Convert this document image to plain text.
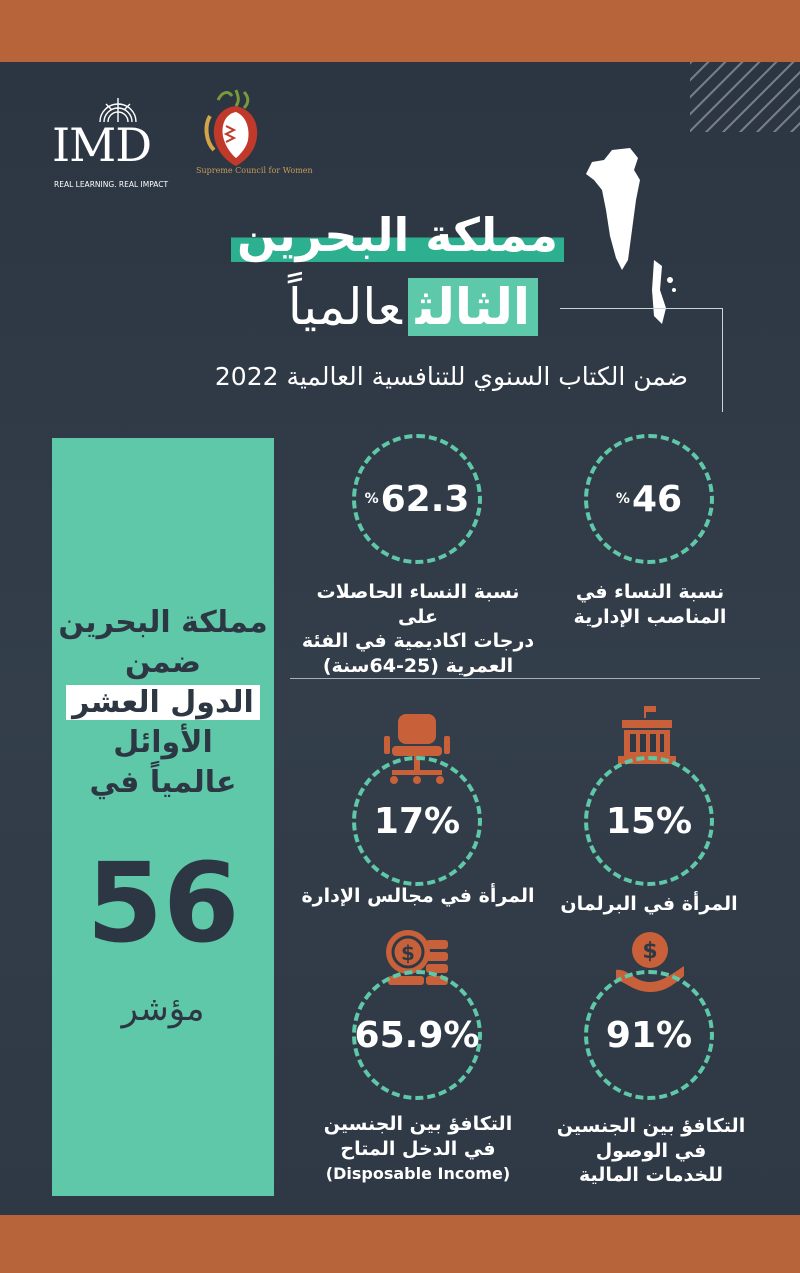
IMD
REAL LEARNING. REAL IMPACT
Supreme Council for Women
مملكة البحرين
الثالثعالمياً
ضمن الكتاب السنوي للتنافسية العالمية 2022
مملكة البحرين
ضمن
الدول العشر
الأوائل
عالمياً في
56
مؤشر
% 46
نسبة النساء في
المناصب الإدارية
% 62.3
نسبة النساء الحاصلات على
درجات اكاديمية في الفئة
العمرية (25-64سنة)
15%
المرأة في البرلمان
17%
المرأة في مجالس الإدارة
$
91%
التكافؤ بين الجنسين
في الوصول
للخدمات المالية
$
65.9%
التكافؤ بين الجنسين
في الدخل المتاح
(Disposable Income)
